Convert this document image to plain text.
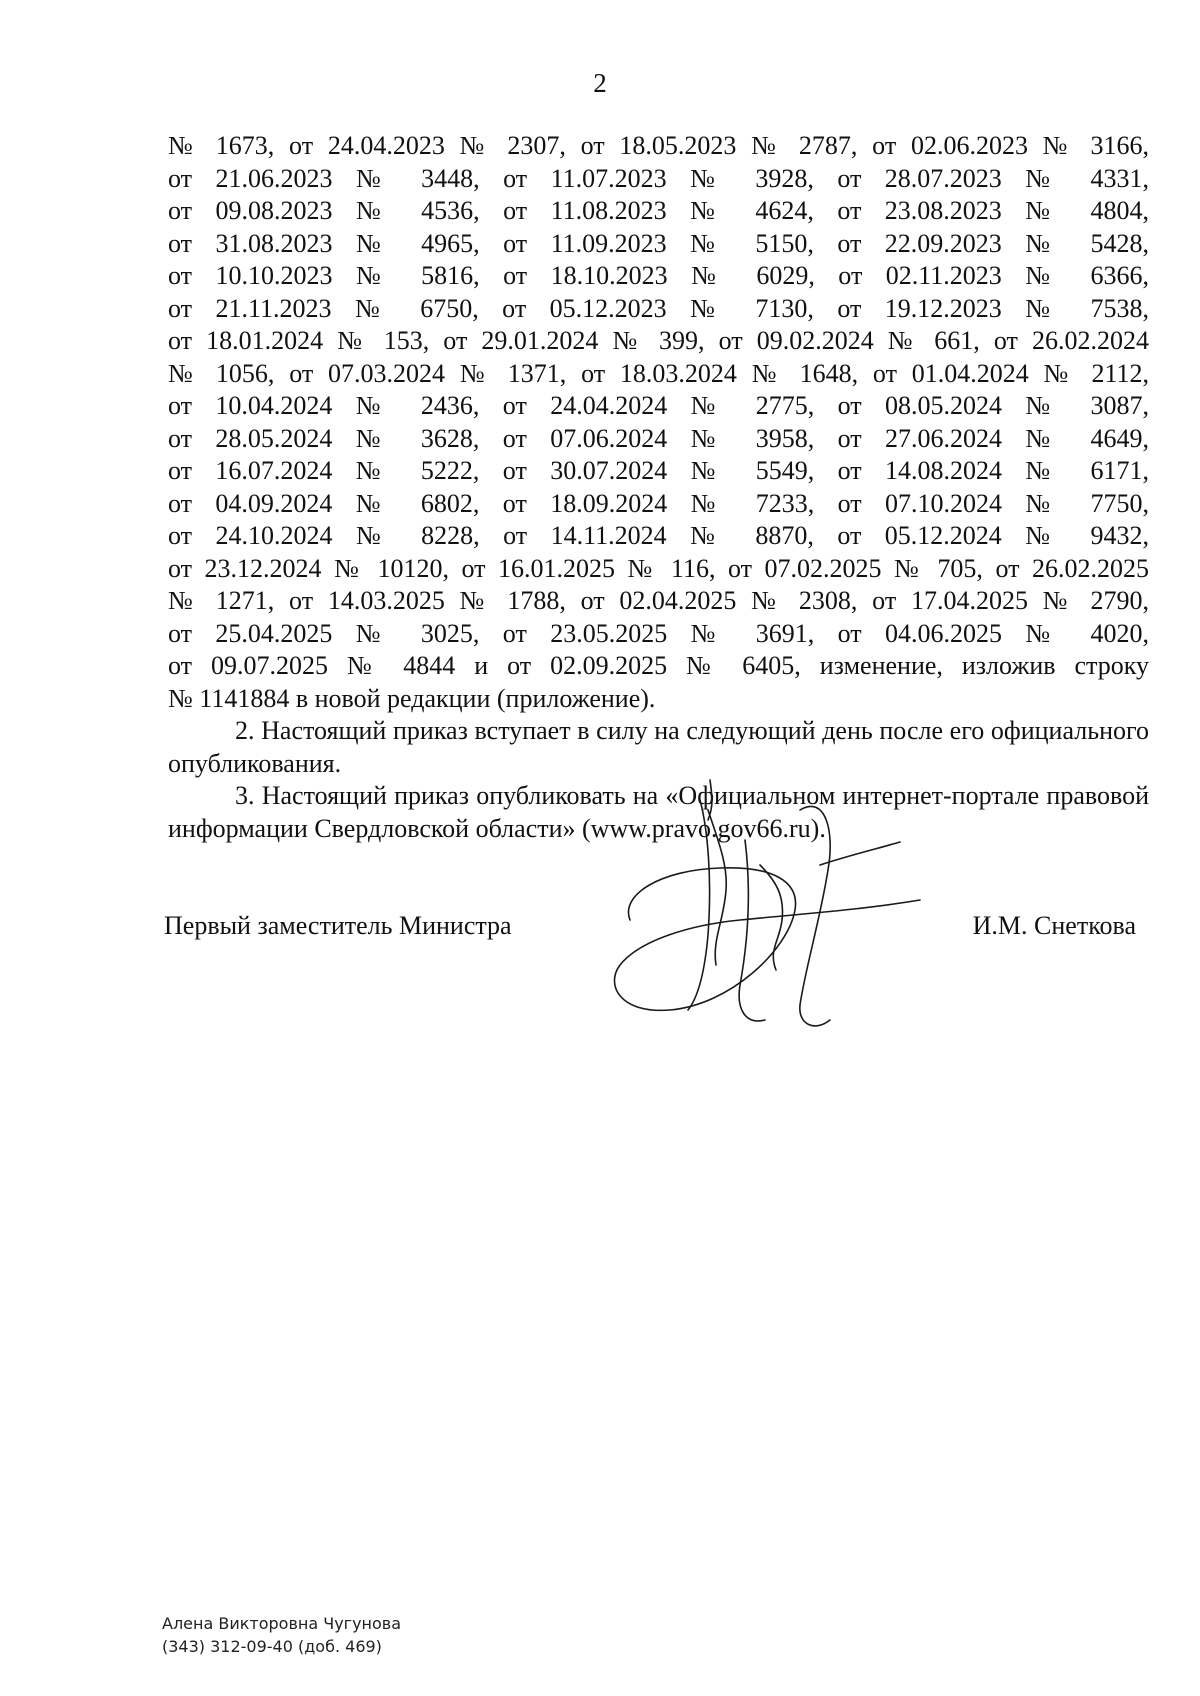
2
№ 1673, от 24.04.2023 № 2307, от 18.05.2023 № 2787, от 02.06.2023 № 3166,
от 21.06.2023 № 3448, от 11.07.2023 № 3928, от 28.07.2023 № 4331,
от 09.08.2023 № 4536, от 11.08.2023 № 4624, от 23.08.2023 № 4804,
от 31.08.2023 № 4965, от 11.09.2023 № 5150, от 22.09.2023 № 5428,
от 10.10.2023 № 5816, от 18.10.2023 № 6029, от 02.11.2023 № 6366,
от 21.11.2023 № 6750, от 05.12.2023 № 7130, от 19.12.2023 № 7538,
от 18.01.2024 № 153, от 29.01.2024 № 399, от 09.02.2024 № 661, от 26.02.2024
№ 1056, от 07.03.2024 № 1371, от 18.03.2024 № 1648, от 01.04.2024 № 2112,
от 10.04.2024 № 2436, от 24.04.2024 № 2775, от 08.05.2024 № 3087,
от 28.05.2024 № 3628, от 07.06.2024 № 3958, от 27.06.2024 № 4649,
от 16.07.2024 № 5222, от 30.07.2024 № 5549, от 14.08.2024 № 6171,
от 04.09.2024 № 6802, от 18.09.2024 № 7233, от 07.10.2024 № 7750,
от 24.10.2024 № 8228, от 14.11.2024 № 8870, от 05.12.2024 № 9432,
от 23.12.2024 № 10120, от 16.01.2025 № 116, от 07.02.2025 № 705, от 26.02.2025
№ 1271, от 14.03.2025 № 1788, от 02.04.2025 № 2308, от 17.04.2025 № 2790,
от 25.04.2025 № 3025, от 23.05.2025 № 3691, от 04.06.2025 № 4020,
от 09.07.2025 № 4844 и от 02.09.2025 № 6405, изменение, изложив строку
№ 1141884 в новой редакции (приложение).
2. Настоящий приказ вступает в силу на следующий день после его официального опубликования.
3. Настоящий приказ опубликовать на «Официальном интернет-портале правовой информации Свердловской области» (www.pravo.gov66.ru).
Первый заместитель Министра	И.М. Снеткова
Алена Викторовна Чугунова
(343) 312-09-40 (доб. 469)
